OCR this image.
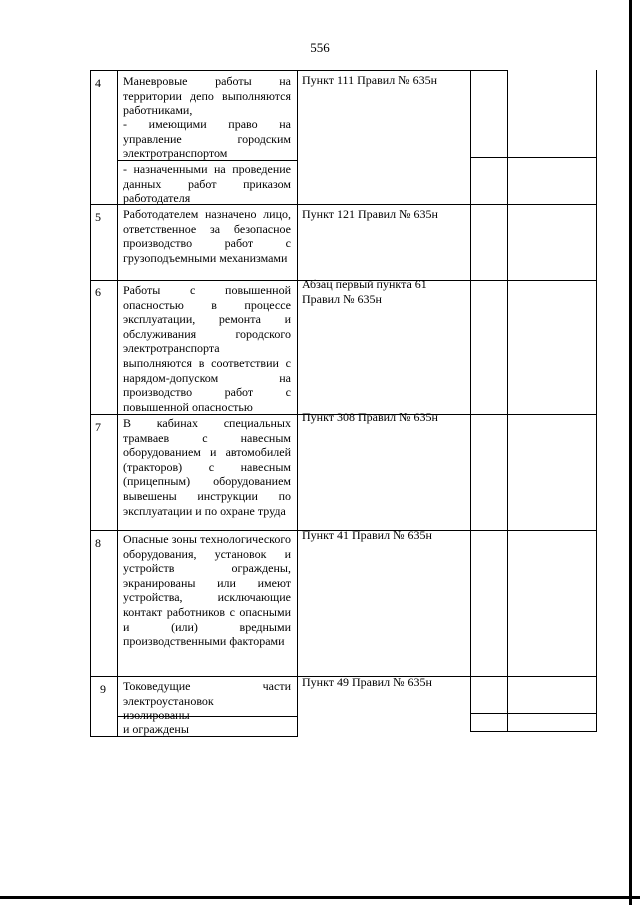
556
4 Маневровые работы на территории депо выполняются работниками,
- имеющими право на управление городским электротранспортом
- назначенными на проведение данных работ приказом работодателя
Пункт 111 Правил № 635н
5 Работодателем назначено лицо, ответственное за безопасное производство работ с грузоподъемными механизмами
Пункт 121 Правил № 635н
6 Работы с повышенной опасностью в процессе эксплуатации, ремонта и обслуживания городского электротранспорта выполняются в соответствии с нарядом-допуском на производство работ с повышенной опасностью
Абзац первый пункта 61 Правил № 635н
7 В кабинах специальных трамваев с навесным оборудованием и автомобилей (тракторов) с навесным (прицепным) оборудованием вывешены инструкции по эксплуатации и по охране труда
Пункт 308 Правил № 635н
8 Опасные зоны технологического оборудования, установок и устройств ограждены, экранированы или имеют устройства, исключающие контакт работников с опасными и (или) вредными производственными факторами
Пункт 41 Правил № 635н
9 Токоведущие части электроустановок
изолированы
и ограждены
Пункт 49 Правил № 635н
